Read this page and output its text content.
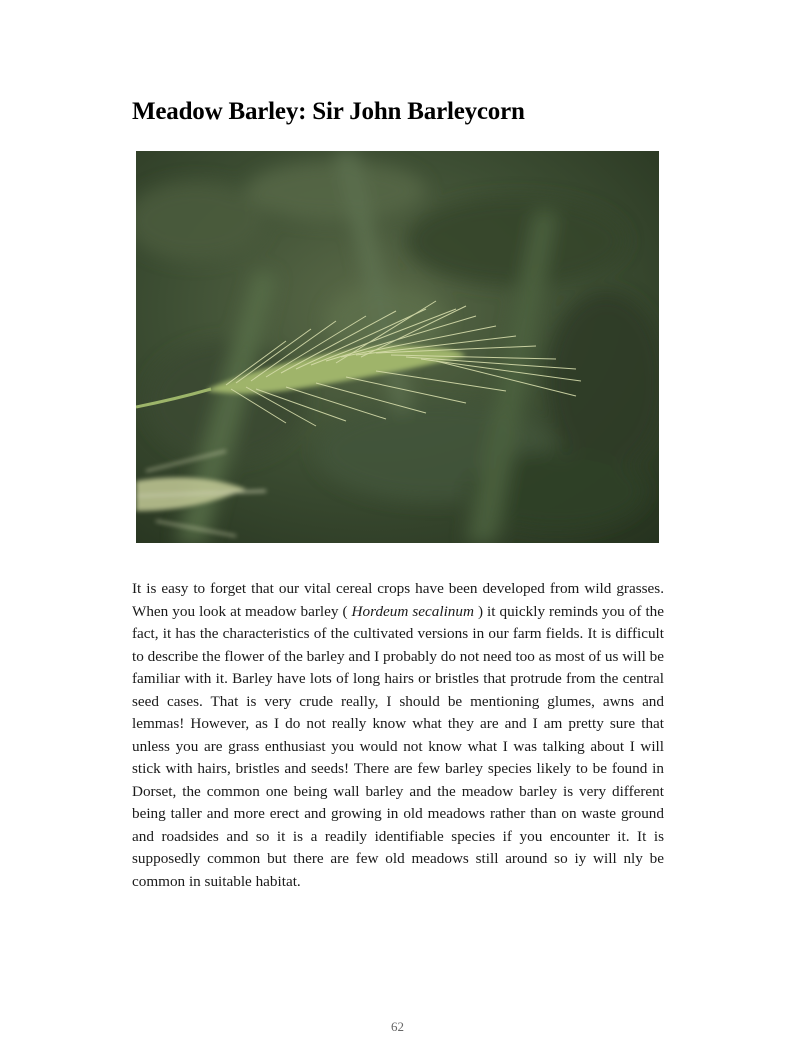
Meadow Barley: Sir John Barleycorn

It is easy to forget that our vital cereal crops have been developed from wild grasses. When you look at meadow barley ( Hordeum secalinum ) it quickly reminds you of the fact, it has the characteristics of the cultivated versions in our farm fields. It is difficult to describe the flower of the barley and I probably do not need too as most of us will be familiar with it. Barley have lots of long hairs or bristles that protrude from the central seed cases. That is very crude really, I should be mentioning glumes, awns and lemmas! However, as I do not really know what they are and I am pretty sure that unless you are grass enthusiast you would not know what I was talking about I will stick with hairs, bristles and seeds! There are few barley species likely to be found in Dorset, the common one being wall barley and the meadow barley is very different being taller and more erect and growing in old meadows rather than on waste ground and roadsides and so it is a readily identifiable species if you encounter it. It is supposedly common but there are few old meadows still around so iy will nly be common in suitable habitat.

62
